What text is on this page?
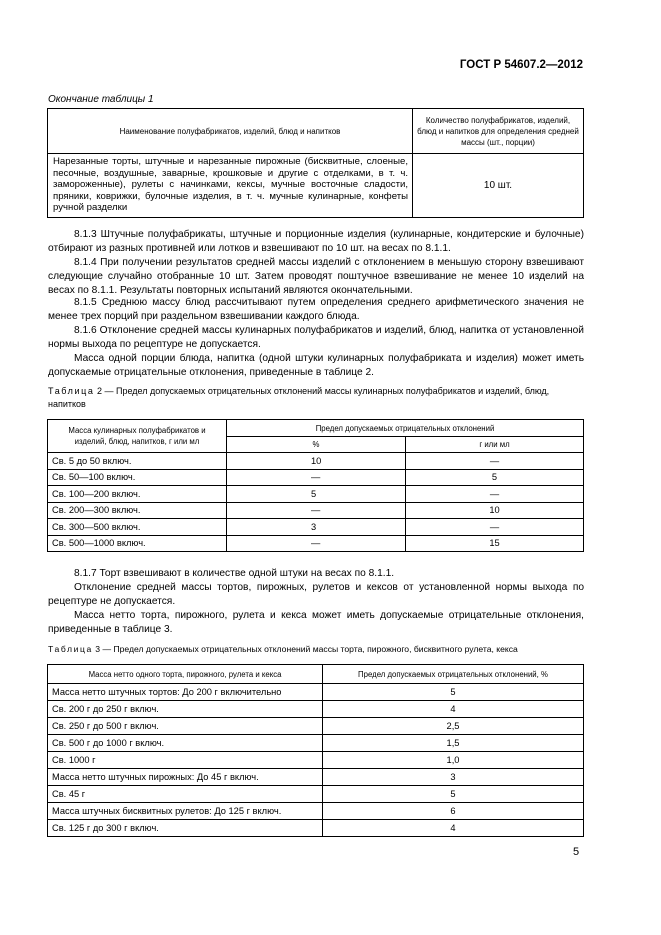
ГОСТ Р 54607.2—2012
Окончание таблицы 1
Наименование полуфабрикатов, изделий, блюд и напитков	Количество полуфабрикатов, изделий, блюд и напитков для определения средней массы (шт., порции)
Нарезанные торты, штучные и нарезанные пирожные (бисквитные, слоеные, песочные, воздушные, заварные, крошковые и другие с отделками, в т. ч. замороженные), рулеты с начинками, кексы, мучные восточные сладости, пряники, коврижки, булочные изделия, в т. ч. мучные кулинарные, конфеты ручной разделки	10 шт.
8.1.3 Штучные полуфабрикаты, штучные и порционные изделия (кулинарные, кондитерские и булочные) отбирают из разных противней или лотков и взвешивают по 10 шт. на весах по 8.1.1.
8.1.4 При получении результатов средней массы изделий с отклонением в меньшую сторону взвешивают следующие случайно отобранные 10 шт. Затем проводят поштучное взвешивание не менее 10 изделий на весах по 8.1.1. Результаты повторных испытаний являются окончательными.
8.1.5 Среднюю массу блюд рассчитывают путем определения среднего арифметического значения не менее трех порций при раздельном взвешивании каждого блюда.
8.1.6 Отклонение средней массы кулинарных полуфабрикатов и изделий, блюд, напитка от установленной нормы выхода по рецептуре не допускается.
Масса одной порции блюда, напитка (одной штуки кулинарных полуфабриката и изделия) может иметь допускаемые отрицательные отклонения, приведенные в таблице 2.
Таблица 2 — Предел допускаемых отрицательных отклонений массы кулинарных полуфабрикатов и изделий, блюд, напитков
Масса кулинарных полуфабрикатов и изделий, блюд, напитков, г или мл	Предел допускаемых отрицательных отклонений	
	%	г или мл
Св. 5 до 50 включ.	10	—
Св. 50—100 включ.	—	5
Св. 100—200 включ.	5	—
Св. 200—300 включ.	—	10
Св. 300—500 включ.	3	—
Св. 500—1000 включ.	—	15
8.1.7 Торт взвешивают в количестве одной штуки на весах по 8.1.1.
Отклонение средней массы тортов, пирожных, рулетов и кексов от установленной нормы выхода по рецептуре не допускается.
Масса нетто торта, пирожного, рулета и кекса может иметь допускаемые отрицательные отклонения, приведенные в таблице 3.
Таблица 3 — Предел допускаемых отрицательных отклонений массы торта, пирожного, бисквитного рулета, кекса
Масса нетто одного торта, пирожного, рулета и кекса	Предел допускаемых отрицательных отклонений, %
Масса нетто штучных тортов: До 200 г включительно	5
Св. 200 г до 250 г включ.	4
Св. 250 г до 500 г включ.	2,5
Св. 500 г до 1000 г включ.	1,5
Св. 1000 г	1,0
Масса нетто штучных пирожных: До 45 г включ.	3
Св. 45 г	5
Масса штучных бисквитных рулетов: До 125 г включ.	6
Св. 125 г до 300 г включ.	4
5
